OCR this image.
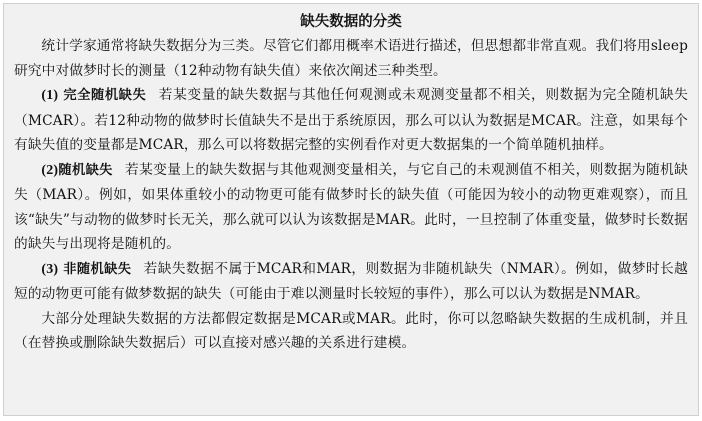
缺失数据的分类

统计学家通常将缺失数据分为三类。尽管它们都用概率术语进行描述，但思想都非常直观。我们将用sleep研究中对做梦时长的测量（12种动物有缺失值）来依次阐述三种类型。

(1) 完全随机缺失 若某变量的缺失数据与其他任何观测或未观测变量都不相关，则数据为完全随机缺失（MCAR）。若12种动物的做梦时长值缺失不是出于系统原因，那么可以认为数据是MCAR。注意，如果每个有缺失值的变量都是MCAR，那么可以将数据完整的实例看作对更大数据集的一个简单随机抽样。

(2)随机缺失 若某变量上的缺失数据与其他观测变量相关，与它自己的未观测值不相关，则数据为随机缺失（MAR）。例如，如果体重较小的动物更可能有做梦时长的缺失值（可能因为较小的动物更难观察），而且该“缺失”与动物的做梦时长无关，那么就可以认为该数据是MAR。此时，一旦控制了体重变量，做梦时长数据的缺失与出现将是随机的。

(3) 非随机缺失 若缺失数据不属于MCAR和MAR，则数据为非随机缺失（NMAR）。例如，做梦时长越短的动物更可能有做梦数据的缺失（可能由于难以测量时长较短的事件），那么可以认为数据是NMAR。

大部分处理缺失数据的方法都假定数据是MCAR或MAR。此时，你可以忽略缺失数据的生成机制，并且（在替换或删除缺失数据后）可以直接对感兴趣的关系进行建模。
